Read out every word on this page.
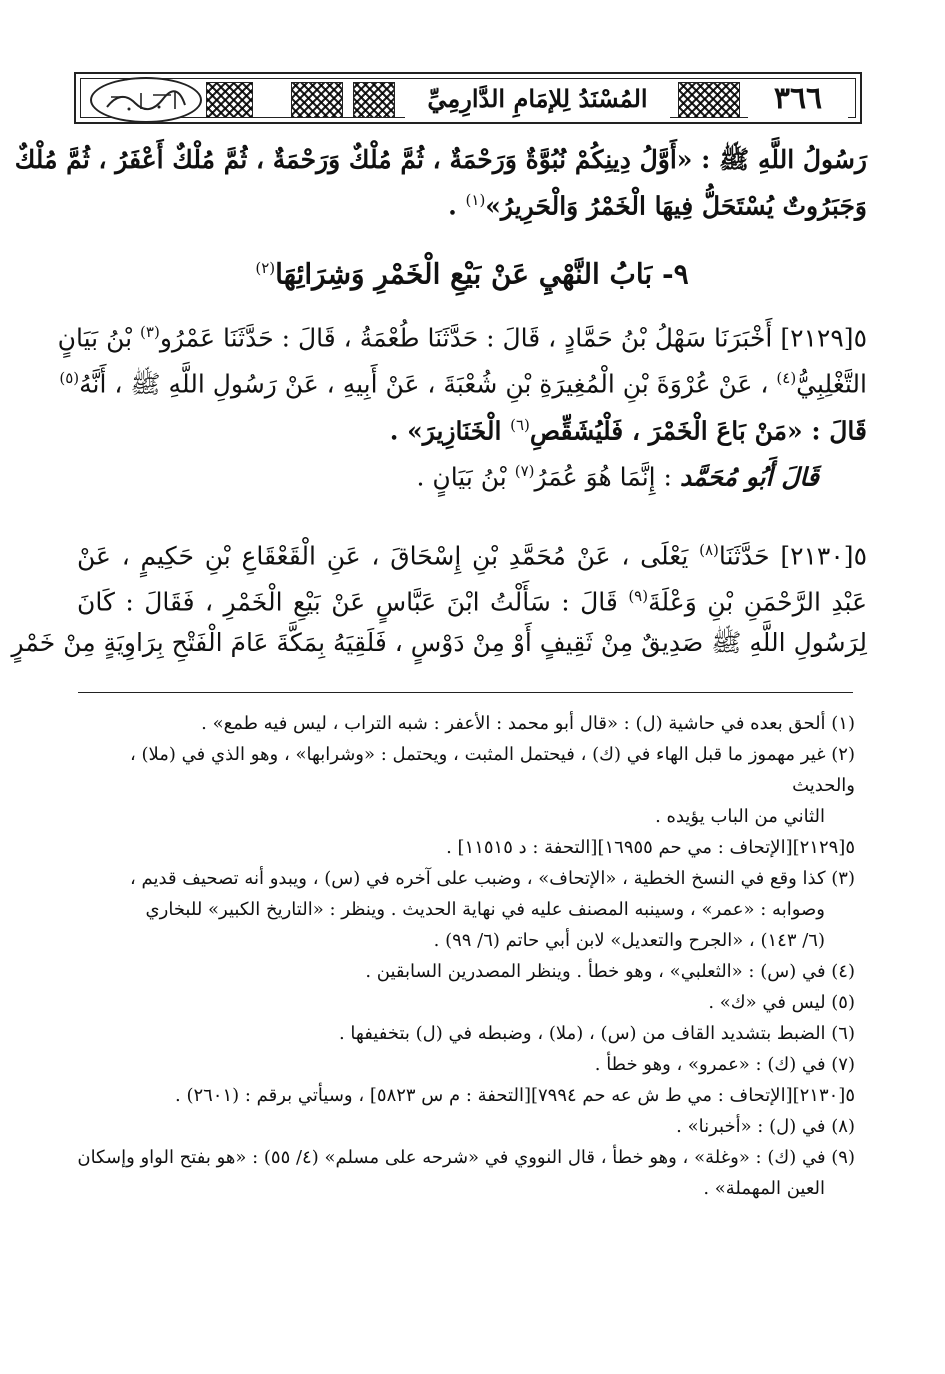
٣٦٦
المُسْنَدُ لِلإمَامِ الدَّارِمِيِّ
رَسُولُ اللَّهِ ﷺ : «أَوَّلُ دِينِكُمْ نُبُوَّةٌ وَرَحْمَةٌ ، ثُمَّ مُلْكٌ وَرَحْمَةٌ ، ثُمَّ مُلْكٌ أَعْفَرُ ، ثُمَّ مُلْكٌ
وَجَبَرُوتٌ يُسْتَحَلُّ فِيهَا الْخَمْرُ وَالْحَرِيرُ»$^{(١)}$ .
٩- بَابُ النَّهْيِ عَنْ بَيْعِ الْخَمْرِ وَشِرَائِهَا$^{(٢)}$
٥[٢١٢٩] أَخْبَرَنَا سَهْلُ بْنُ حَمَّادٍ ، قَالَ : حَدَّثَنَا طُعْمَةُ ، قَالَ : حَدَّثَنَا عَمْرُو$^{(٣)}$ بْنُ بَيَانٍ
التَّغْلِبِيُّ$^{(٤)}$ ، عَنْ عُرْوَةَ بْنِ الْمُغِيرَةِ بْنِ شُعْبَةَ ، عَنْ أَبِيهِ ، عَنْ رَسُولِ اللَّهِ ﷺ ، أَنَّهُ$^{(٥)}$
قَالَ : «مَنْ بَاعَ الْخَمْرَ ، فَلْيُشَقِّصِ$^{(٦)}$ الْخَنَازِيرَ» .
قَالَ أَبُو مُحَمَّد : إِنَّمَا هُوَ عُمَرُ$^{(٧)}$ بْنُ بَيَانٍ .
٥[٢١٣٠] حَدَّثَنَا$^{(٨)}$ يَعْلَى ، عَنْ مُحَمَّدِ بْنِ إِسْحَاقَ ، عَنِ الْقَعْقَاعِ بْنِ حَكِيمٍ ، عَنْ
عَبْدِ الرَّحْمَنِ بْنِ وَعْلَةَ$^{(٩)}$ قَالَ : سَأَلْتُ ابْنَ عَبَّاسٍ عَنْ بَيْعِ الْخَمْرِ ، فَقَالَ : كَانَ
لِرَسُولِ اللَّهِ ﷺ صَدِيقٌ مِنْ ثَقِيفٍ أَوْ مِنْ دَوْسٍ ، فَلَقِيَهُ بِمَكَّةَ عَامَ الْفَتْحِ بِرَاوِيَةٍ مِنْ خَمْرٍ
(١) ألحق بعده في حاشية (ل) : «قال أبو محمد : الأعفر : شبه التراب ، ليس فيه طمع» .
(٢) غير مهموز ما قبل الهاء في (ك) ، فيحتمل المثبت ، ويحتمل : «وشرابها» ، وهو الذي في (ملا) ، والحديث
الثاني من الباب يؤيده .
٥[٢١٢٩][الإتحاف : مي حم ١٦٩٥٥][التحفة : د ١١٥١٥] .
(٣) كذا وقع في النسخ الخطية ، «الإتحاف» ، وضبب على آخره في (س) ، ويبدو أنه تصحيف قديم ،
وصوابه : «عمر» ، وسينبه المصنف عليه في نهاية الحديث . وينظر : «التاريخ الكبير» للبخاري
(٦/ ١٤٣) ، «الجرح والتعديل» لابن أبي حاتم (٦/ ٩٩) .
(٤) في (س) : «الثعلبي» ، وهو خطأ . وينظر المصدرين السابقين .
(٥) ليس في «ك» .
(٦) الضبط بتشديد القاف من (س) ، (ملا) ، وضبطه في (ل) بتخفيفها .
(٧) في (ك) : «عمرو» ، وهو خطأ .
٥[٢١٣٠][الإتحاف : مي ط ش عه حم ٧٩٩٤][التحفة : م س ٥٨٢٣] ، وسيأتي برقم : (٢٦٠١) .
(٨) في (ل) : «أخبرنا» .
(٩) في (ك) : «وغلة» ، وهو خطأ ، قال النووي في «شرحه على مسلم» (٤/ ٥٥) : «هو بفتح الواو وإسكان
العين المهملة» .
